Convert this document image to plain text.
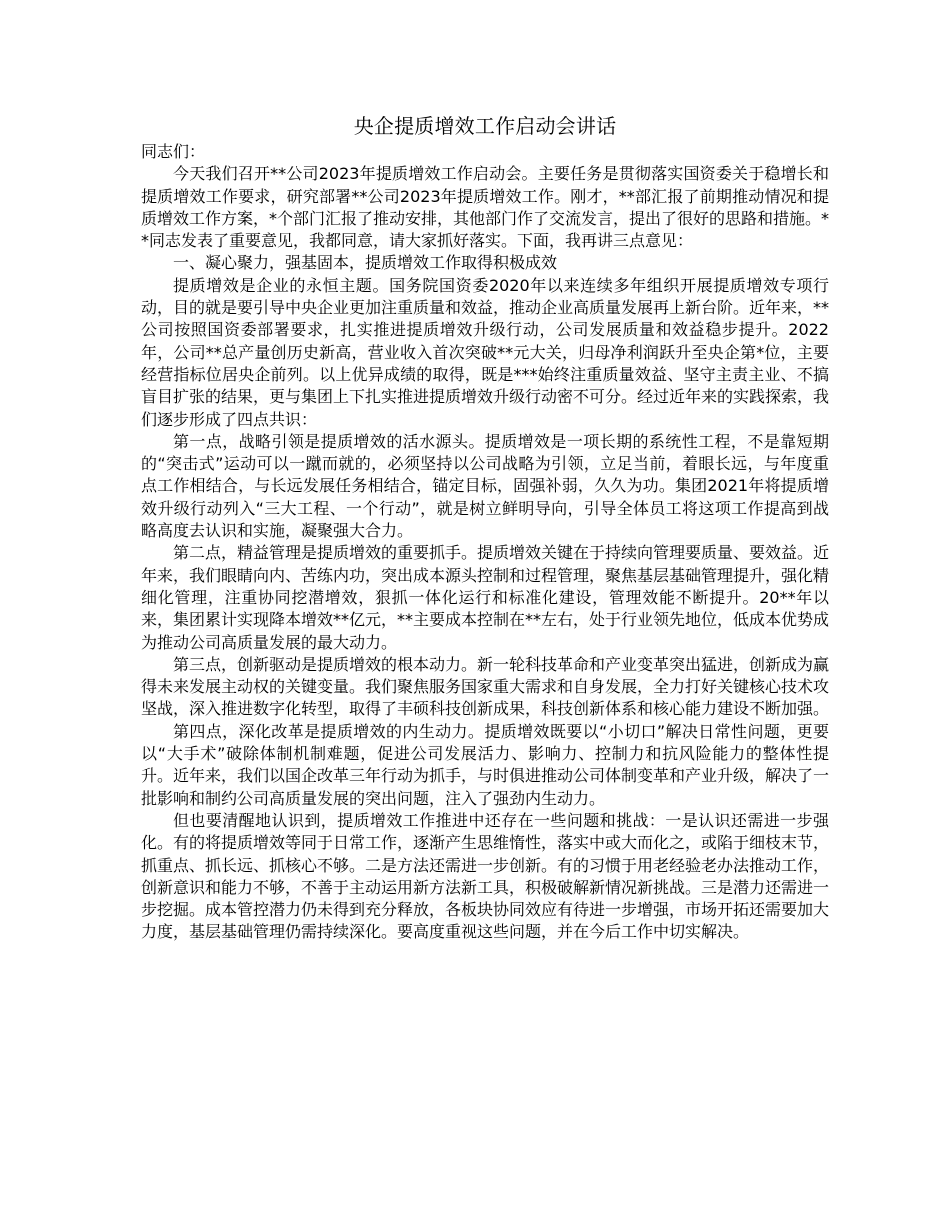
央企提质增效工作启动会讲话

同志们：

今天我们召开**公司2023年提质增效工作启动会。主要任务是贯彻落实国资委关于稳增长和提质增效工作要求，研究部署**公司2023年提质增效工作。刚才，**部汇报了前期推动情况和提质增效工作方案，*个部门汇报了推动安排，其他部门作了交流发言，提出了很好的思路和措施。**同志发表了重要意见，我都同意，请大家抓好落实。下面，我再讲三点意见：

一、凝心聚力，强基固本，提质增效工作取得积极成效

提质增效是企业的永恒主题。国务院国资委2020年以来连续多年组织开展提质增效专项行动，目的就是要引导中央企业更加注重质量和效益，推动企业高质量发展再上新台阶。近年来，**公司按照国资委部署要求，扎实推进提质增效升级行动，公司发展质量和效益稳步提升。2022年，公司**总产量创历史新高，营业收入首次突破**元大关，归母净利润跃升至央企第*位，主要经营指标位居央企前列。以上优异成绩的取得，既是***始终注重质量效益、坚守主责主业、不搞盲目扩张的结果，更与集团上下扎实推进提质增效升级行动密不可分。经过近年来的实践探索，我们逐步形成了四点共识：

第一点，战略引领是提质增效的活水源头。提质增效是一项长期的系统性工程，不是靠短期的“突击式”运动可以一蹴而就的，必须坚持以公司战略为引领，立足当前，着眼长远，与年度重点工作相结合，与长远发展任务相结合，锚定目标，固强补弱，久久为功。集团2021年将提质增效升级行动列入“三大工程、一个行动”，就是树立鲜明导向，引导全体员工将这项工作提高到战略高度去认识和实施，凝聚强大合力。

第二点，精益管理是提质增效的重要抓手。提质增效关键在于持续向管理要质量、要效益。近年来，我们眼睛向内、苦练内功，突出成本源头控制和过程管理，聚焦基层基础管理提升，强化精细化管理，注重协同挖潜增效，狠抓一体化运行和标准化建设，管理效能不断提升。20**年以来，集团累计实现降本增效**亿元，**主要成本控制在**左右，处于行业领先地位，低成本优势成为推动公司高质量发展的最大动力。

第三点，创新驱动是提质增效的根本动力。新一轮科技革命和产业变革突出猛进，创新成为赢得未来发展主动权的关键变量。我们聚焦服务国家重大需求和自身发展，全力打好关键核心技术攻坚战，深入推进数字化转型，取得了丰硕科技创新成果，科技创新体系和核心能力建设不断加强。

第四点，深化改革是提质增效的内生动力。提质增效既要以“小切口”解决日常性问题，更要以“大手术”破除体制机制难题，促进公司发展活力、影响力、控制力和抗风险能力的整体性提升。近年来，我们以国企改革三年行动为抓手，与时俱进推动公司体制变革和产业升级，解决了一批影响和制约公司高质量发展的突出问题，注入了强劲内生动力。

但也要清醒地认识到，提质增效工作推进中还存在一些问题和挑战：一是认识还需进一步强化。有的将提质增效等同于日常工作，逐渐产生思维惰性，落实中或大而化之，或陷于细枝末节，抓重点、抓长远、抓核心不够。二是方法还需进一步创新。有的习惯于用老经验老办法推动工作，创新意识和能力不够，不善于主动运用新方法新工具，积极破解新情况新挑战。三是潜力还需进一步挖掘。成本管控潜力仍未得到充分释放，各板块协同效应有待进一步增强，市场开拓还需要加大力度，基层基础管理仍需持续深化。要高度重视这些问题，并在今后工作中切实解决。
